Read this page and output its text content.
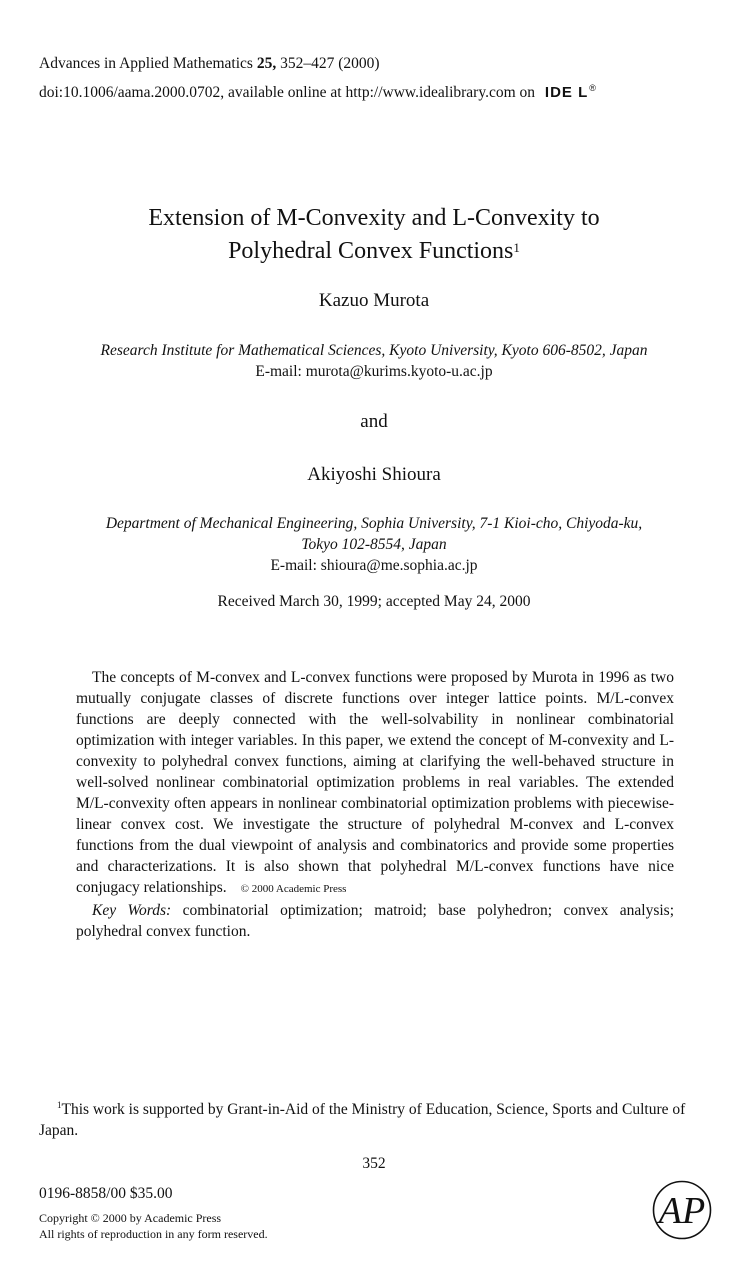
Advances in Applied Mathematics 25, 352–427 (2000)
doi:10.1006/aama.2000.0702, available online at http://www.idealibrary.com on IDE L®
Extension of M-Convexity and L-Convexity to
Polyhedral Convex Functions$^1$
Kazuo Murota
Research Institute for Mathematical Sciences, Kyoto University, Kyoto 606-8502, Japan
E-mail: murota@kurims.kyoto-u.ac.jp
and
Akiyoshi Shioura
Department of Mechanical Engineering, Sophia University, 7-1 Kioi-cho, Chiyoda-ku,
Tokyo 102-8554, Japan
E-mail: shioura@me.sophia.ac.jp
Received March 30, 1999; accepted May 24, 2000

The concepts of M-convex and L-convex functions were proposed by Murota in 1996 as two mutually conjugate classes of discrete functions over integer lattice points. M/L-convex functions are deeply connected with the well-solvability in nonlinear combinatorial optimization with integer variables. In this paper, we extend the concept of M-convexity and L-convexity to polyhedral convex functions, aiming at clarifying the well-behaved structure in well-solved nonlinear combinatorial optimization problems in real variables. The extended M/L-convexity often appears in nonlinear combinatorial optimization problems with piecewise-linear convex cost. We investigate the structure of polyhedral M-convex and L-convex functions from the dual viewpoint of analysis and combinatorics and provide some properties and characterizations. It is also shown that polyhedral M/L-convex functions have nice conjugacy relationships. © 2000 Academic Press

Key Words: combinatorial optimization; matroid; base polyhedron; convex analysis; polyhedral convex function.

$^1$This work is supported by Grant-in-Aid of the Ministry of Education, Science, Sports and Culture of Japan.
352
0196-8858/00 $35.00
Copyright © 2000 by Academic Press
All rights of reproduction in any form reserved.
AP
